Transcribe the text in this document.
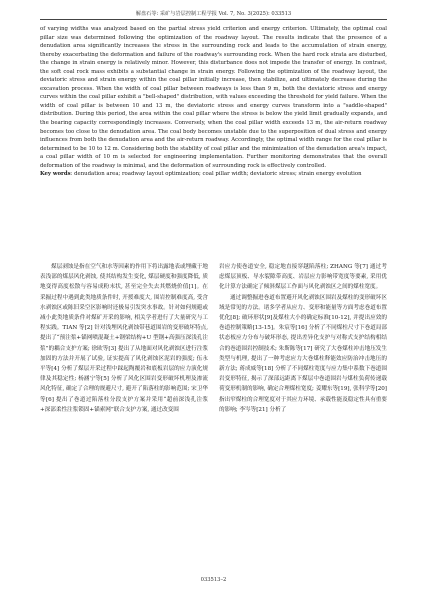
解盘石等: 采矿与岩层控制工程学报 Vol. 7, No. 3(2025): 033513

of varying widths was analyzed based on the partial stress yield criterion and energy criterion. Ultimately, the optimal coal pillar size was determined following the optimization of the roadway layout. The results indicate that the presence of a denudation area significantly increases the stress in the surrounding rock and leads to the accumulation of strain energy, thereby exacerbating the deformation and failure of the roadway's surrounding rock. When the hard rock strata are disturbed, the change in strain energy is relatively minor. However, this disturbance does not impede the transfer of energy. In contrast, the soft coal rock mass exhibits a substantial change in strain energy. Following the optimization of the roadway layout, the deviatoric stress and strain energy within the coal pillar initially increase, then stabilize, and ultimately decrease during the excavation process. When the width of coal pillar between roadways is less than 9 m, both the deviatoric stress and energy curves within the coal pillar exhibit a "bell-shaped" distribution, with values exceeding the threshold for yield failure. When the width of coal pillar is between 10 and 13 m, the deviatoric stress and energy curves transform into a "saddle-shaped" distribution. During this period, the area within the coal pillar where the stress is below the yield limit gradually expands, and the bearing capacity correspondingly increases. Conversely, when the coal pillar width exceeds 13 m, the air-return roadway becomes too close to the denudation area. The coal body becomes unstable due to the superposition of dual stress and energy influences from both the denudation area and the air-return roadway. Accordingly, the optimal width range for the coal pillar is determined to be 10 to 12 m. Considering both the stability of coal pillar and the minimization of the denudation area's impact, a coal pillar width of 10 m is selected for engineering implementation. Further monitoring demonstrates that the overall deformation of the roadway is minimal, and the deformation of surrounding rock is effectively controlled.

Key words: denudation area; roadway layout optimization; coal pillar width; deviatoric stress; strain energy evolution

煤层剥蚀是指在空气和水等因素的作用下将出露地表或埋藏于地表浅部的煤层风化剥蚀, 使其结构发生变化, 煤层硬度和强度降低, 质地变得高度松散与容易成粉末状, 甚至完全失去其燃烧价值[1]。在采掘过程中遇到此类地质条件时, 开挼难度大, 围岩控制难度高, 受含水剥蚀区或陈旧采空区影响时还极易引发突水事故。针对如何规避或减小此类地质条件对煤矿开采的影响, 相关学者进行了大量研究与工程实践。TIAN 等[2] 针对浅埋风化剥蚀带巷道围岩的变形破坏特点, 提出了“预注浆+锚网喷混凝土+钢梁结构+U 型钢+高强压深浅孔注浆”的耦合支护方案; 徐欧等[3] 提出了从地面对风化剥蚀区进行注浆加固的方法并开展了试验, 证实提高了风化剥蚀区泥岩的强度; 伍永平等[4] 分析了煤层开采过程中踩起陶覆岩和底板岩层的应力演化规律及其稳定性; 杨涵宁等[5] 分析了风化区围岩变形破坏机理及渗流风化特征, 确定了合理的规避尺寸, 避开了陷落柱的影响范围; 宋卫华等[6] 提出了巻道过陷落柱分段支护方案并采用“超前深浅孔注浆+深部柔性注浆锁固+锚索网”联合支护方案, 通过改变围

岩应力使巻道安全, 稳定地直接穿越陷落柱; ZHANG 等[7] 通过考虑煤层顶板、导水裂隙带高度、岩层应力影响带宽度等要素, 采用优化计算方法确定了倾斜煤层工作面与风化剥蚀区之间的煤柱宽度。

通过调整掘进巻道布置避开风化剥蚀区围岩及煤柱的变形破坏区域是常见的方法。诸多学者从应力、变形和能量等方面考虑巻道布置优化[8]; 破环形状[9]及煤柱大小的确定标准[10-12], 并提出应效的巻道控制策略[13-15]。朱宸等[16] 分析了不同煤柱尺寸下巻道局部状态板应力分布与破坏形态, 提出差异化支护与对称式支护结构相结合的巻道围岩控制技术; 朱斯陈等[17] 研究了大巻煤柱冲击地压发生类型与机理, 提出了一种考虑应力大巻煤柱释能效应防治冲击地压的新方法; 蒋成威等[18] 分析了不同煤柱宽度与应力集中系数下巻道围岩变形特征, 揭示了深部远距离下煤层中巻道围岩与煤柱负荷传递载荷变形机制的影响, 确定合理煤柱宽度; 姜耀东等[19], 张科学等[20] 指出窄煤柱的合理宽度对于其应力环境、承载性能及稳定性具有重要的影响; 李岑等[21] 分析了

033513–2
